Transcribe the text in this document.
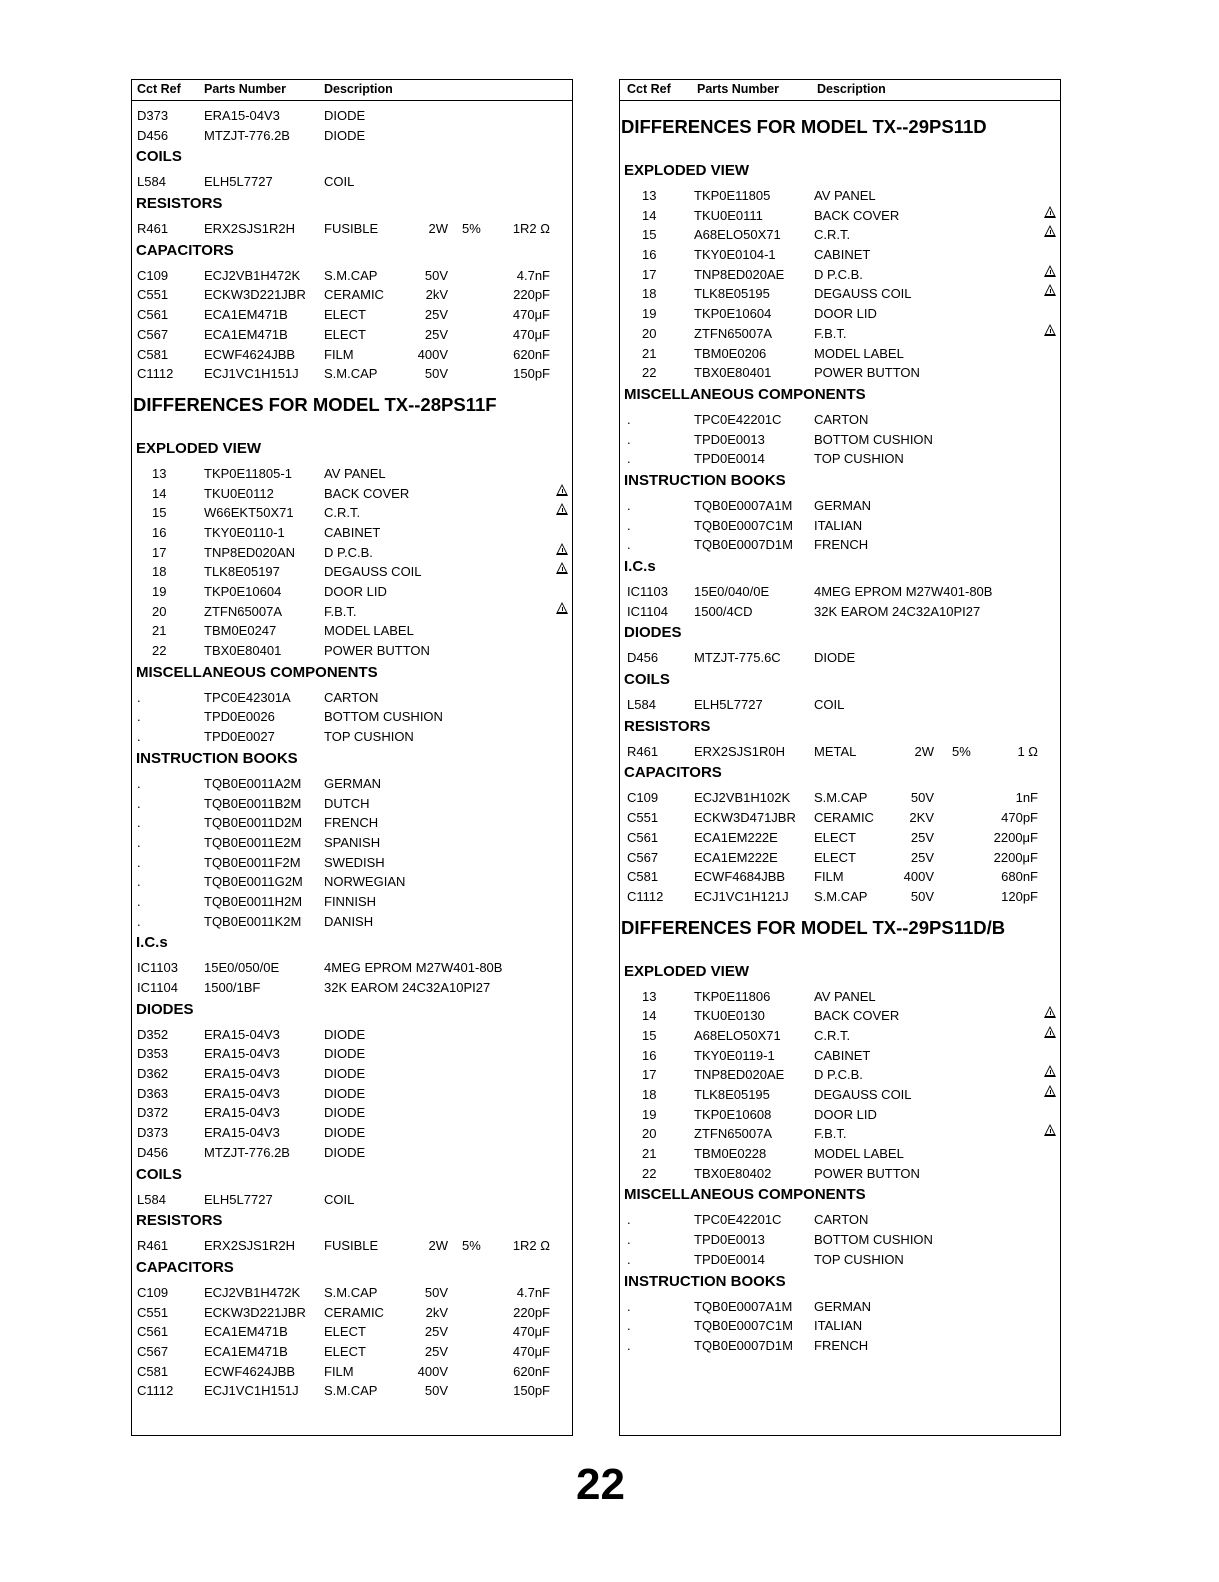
Cct Ref Parts Number	Description
D373	ERA15-04V3	DIODE
D456	MTZJT-776.2B	DIODE
COILS
L584	ELH5L7727	COIL
RESISTORS
R461	ERX2SJS1R2H FUSIBLE	2W 5%	1R2 Ω
CAPACITORS
C109	ECJ2VB1H472K S.M.CAP	50V	4.7nF
C551	ECKW3D221JBR CERAMIC	2kV	220pF
C561	ECA1EM471B	ELECT	25V	470μF
C567	ECA1EM471B	ELECT	25V	470μF
C581	ECWF4624JBB FILM	400V	620nF
C1112 ECJ1VC1H151J S.M.CAP	50V	150pF
DIFFERENCES FOR MODEL TX--28PS11F
EXPLODED VIEW
13	TKP0E11805-1 AV PANEL
14	TKU0E0112	BACK COVER
15	W66EKT50X71 C.R.T.
16	TKY0E0110-1	CABINET
17	TNP8ED020AN D P.C.B.
18	TLK8E05197	DEGAUSS COIL
19	TKP0E10604	DOOR LID
20	ZTFN65007A	F.B.T.
21	TBM0E0247	MODEL LABEL
22	TBX0E80401	POWER BUTTON
MISCELLANEOUS COMPONENTS
.	TPC0E42301A	CARTON
.	TPD0E0026	BOTTOM CUSHION
.	TPD0E0027	TOP CUSHION
INSTRUCTION BOOKS
.	TQB0E0011A2M GERMAN
.	TQB0E0011B2M DUTCH
.	TQB0E0011D2M FRENCH
.	TQB0E0011E2M SPANISH
.	TQB0E0011F2M SWEDISH
.	TQB0E0011G2M NORWEGIAN
.	TQB0E0011H2M FINNISH
.	TQB0E0011K2M DANISH
I.C.s
IC1103 15E0/050/0E	4MEG EPROM M27W401-80B
IC1104 1500/1BF	32K EAROM 24C32A10PI27
DIODES
D352	ERA15-04V3	DIODE
D353	ERA15-04V3	DIODE
D362	ERA15-04V3	DIODE
D363	ERA15-04V3	DIODE
D372	ERA15-04V3	DIODE
D373	ERA15-04V3	DIODE
D456	MTZJT-776.2B	DIODE
COILS
L584	ELH5L7727	COIL
RESISTORS
R461	ERX2SJS1R2H FUSIBLE	2W 5%	1R2 Ω
CAPACITORS
C109	ECJ2VB1H472K S.M.CAP	50V	4.7nF
C551	ECKW3D221JBR CERAMIC	2kV	220pF
C561	ECA1EM471B	ELECT	25V	470μF
C567	ECA1EM471B	ELECT	25V	470μF
C581	ECWF4624JBB FILM	400V	620nF
C1112 ECJ1VC1H151J S.M.CAP	50V	150pF
Cct Ref Parts Number	Description
DIFFERENCES FOR MODEL TX--29PS11D
EXPLODED VIEW
13	TKP0E11805	AV PANEL
14	TKU0E0111	BACK COVER
15	A68ELO50X71	C.R.T.
16	TKY0E0104-1	CABINET
17	TNP8ED020AE D P.C.B.
18	TLK8E05195	DEGAUSS COIL
19	TKP0E10604	DOOR LID
20	ZTFN65007A	F.B.T.
21	TBM0E0206	MODEL LABEL
22	TBX0E80401	POWER BUTTON
MISCELLANEOUS COMPONENTS
.	TPC0E42201C	CARTON
.	TPD0E0013	BOTTOM CUSHION
.	TPD0E0014	TOP CUSHION
INSTRUCTION BOOKS
.	TQB0E0007A1M GERMAN
.	TQB0E0007C1M ITALIAN
.	TQB0E0007D1M FRENCH
I.C.s
IC1103 15E0/040/0E	4MEG EPROM M27W401-80B
IC1104 1500/4CD	32K EAROM 24C32A10PI27
DIODES
D456	MTZJT-775.6C	DIODE
COILS
L584	ELH5L7727	COIL
RESISTORS
R461	ERX2SJS1R0H METAL	2W 5%	1 Ω
CAPACITORS
C109	ECJ2VB1H102K S.M.CAP	50V	1nF
C551	ECKW3D471JBR CERAMIC	2KV	470pF
C561	ECA1EM222E	ELECT	25V	2200μF
C567	ECA1EM222E	ELECT	25V	2200μF
C581	ECWF4684JBB FILM	400V	680nF
C1112 ECJ1VC1H121J S.M.CAP	50V	120pF
DIFFERENCES FOR MODEL TX--29PS11D/B
EXPLODED VIEW
13	TKP0E11806	AV PANEL
14	TKU0E0130	BACK COVER
15	A68ELO50X71	C.R.T.
16	TKY0E0119-1	CABINET
17	TNP8ED020AE D P.C.B.
18	TLK8E05195	DEGAUSS COIL
19	TKP0E10608	DOOR LID
20	ZTFN65007A	F.B.T.
21	TBM0E0228	MODEL LABEL
22	TBX0E80402	POWER BUTTON
MISCELLANEOUS COMPONENTS
.	TPC0E42201C	CARTON
.	TPD0E0013	BOTTOM CUSHION
.	TPD0E0014	TOP CUSHION
INSTRUCTION BOOKS
.	TQB0E0007A1M GERMAN
.	TQB0E0007C1M ITALIAN
.	TQB0E0007D1M FRENCH
22
